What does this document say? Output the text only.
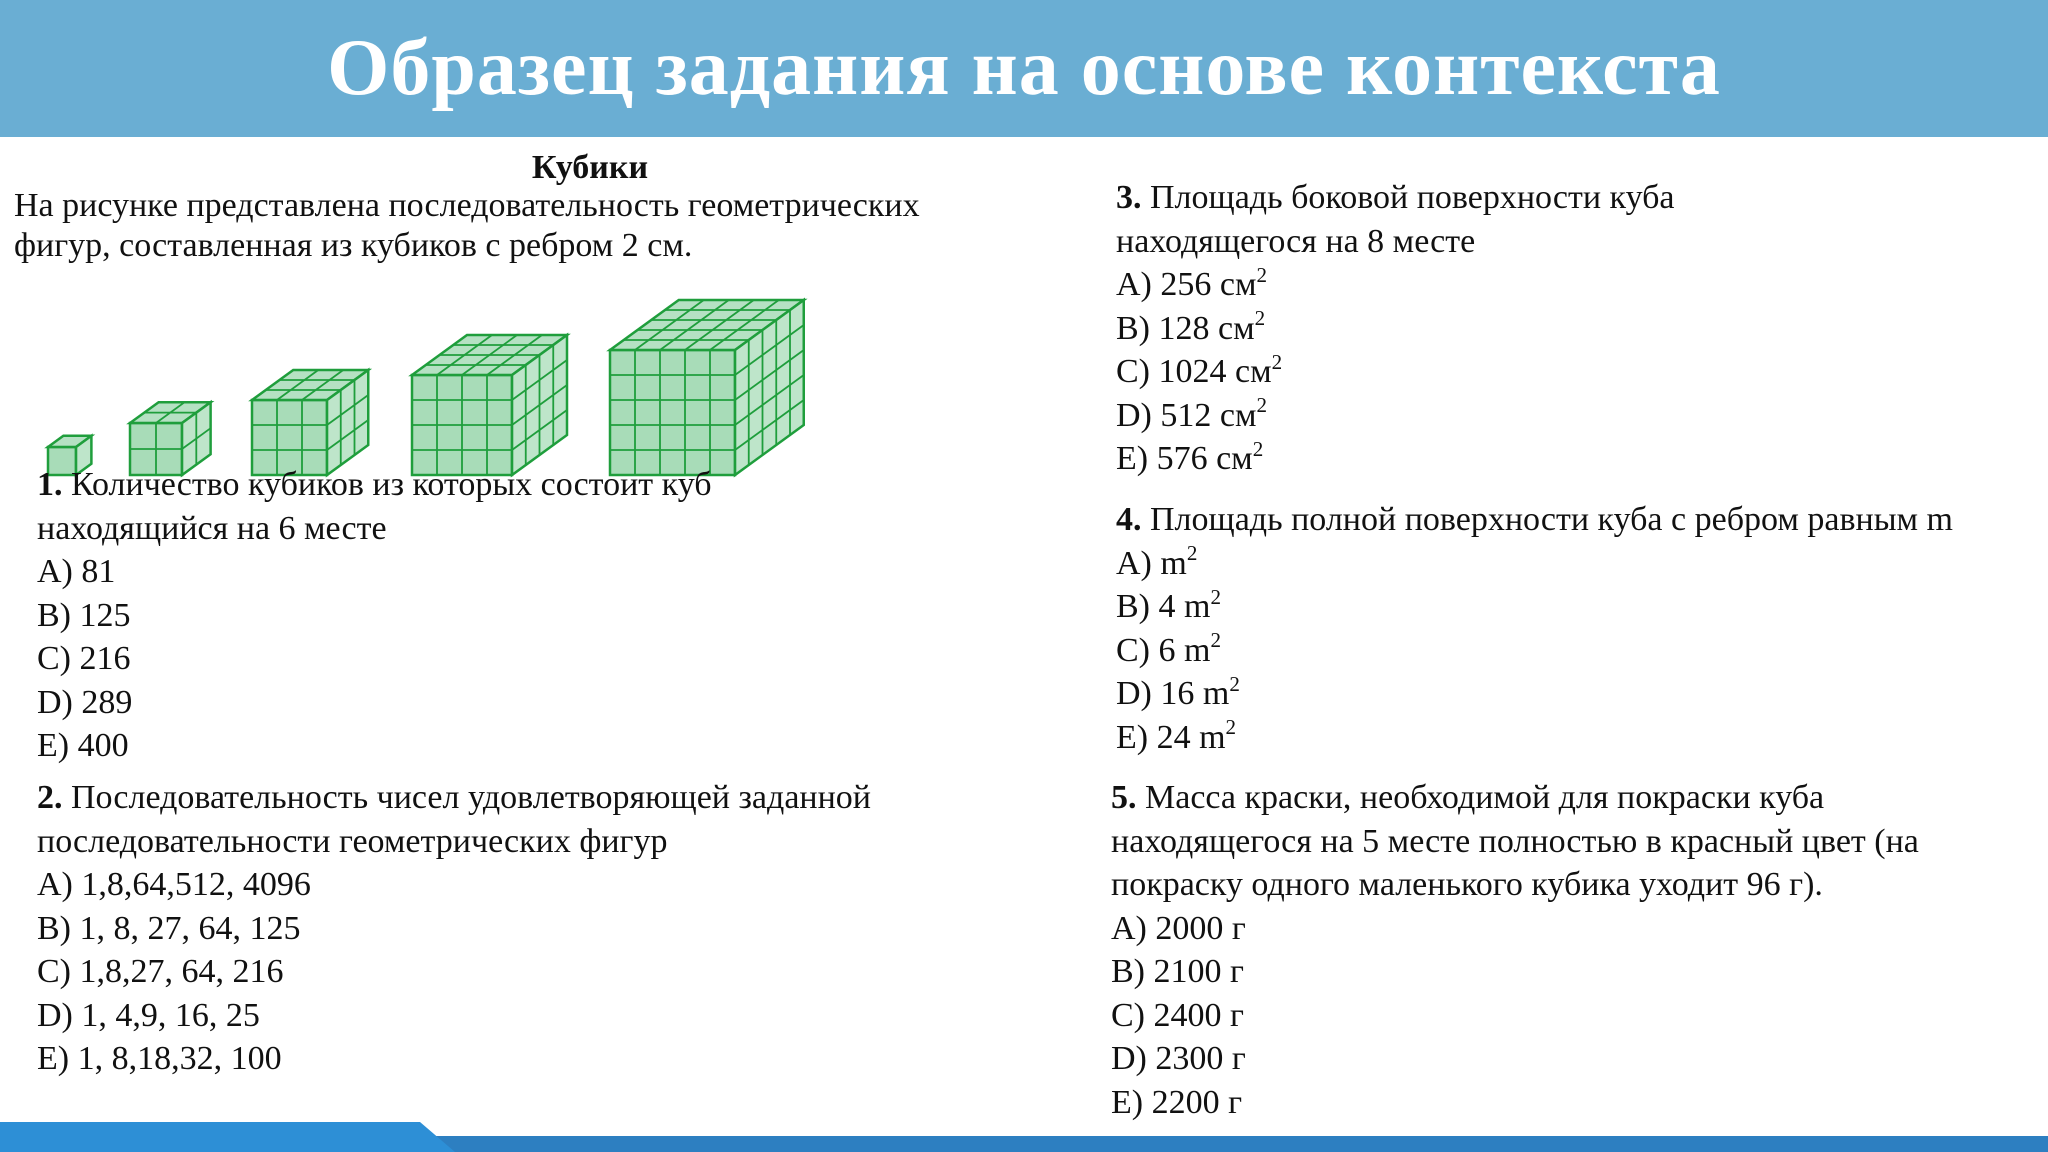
Образец задания на основе контекста
Кубики
На рисунке представлена последовательность геометрических
фигур, составленная из кубиков с ребром 2 см.
1. Количество кубиков из которых состоит куб
находящийся на 6 месте
A) 81
B) 125
C) 216
D) 289
E) 400
2. Последовательность чисел удовлетворяющей заданной
последовательности геометрических фигур
A) 1,8,64,512, 4096
B) 1, 8, 27, 64, 125
C) 1,8,27, 64, 216
D) 1, 4,9, 16, 25
E) 1, 8,18,32, 100
3. Площадь боковой поверхности куба
находящегося на 8 месте
A) 256 $см^2$
B) 128 $см^2$
C) 1024 $см^2$
D) 512 $см^2$
E) 576 $см^2$
4. Площадь полной поверхности куба с ребром равным m
A) $m^2$
B) 4 $m^2$
C) 6 $m^2$
D) 16 $m^2$
E) 24 $m^2$
5. Масса краски, необходимой для покраски куба
находящегося на 5 месте полностью в красный цвет (на
покраску одного маленького кубика уходит 96 г).
A) 2000 г
B) 2100 г
C) 2400 г
D) 2300 г
E) 2200 г
